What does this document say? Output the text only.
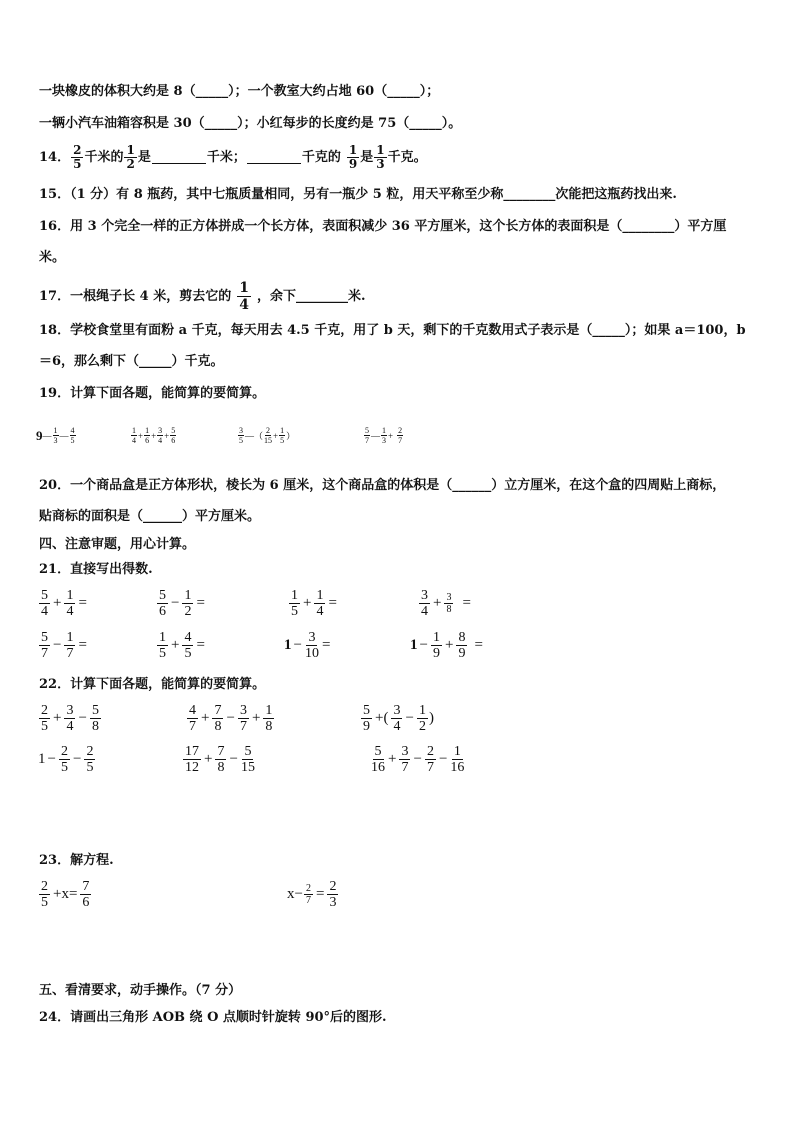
一块橡皮的体积大约是 8（_____）；一个教室大约占地 60（_____）；
一辆小汽车油箱容积是 30（_____）；小红每步的长度约是 75（_____）。
14． $\frac{2}{5}$ 千米的 $\frac{1}{2}$ 是	千米；	千克的 $\frac{1}{9}$ 是 $\frac{1}{3}$ 千克。
15．（1 分）有 8 瓶药，其中七瓶质量相同，另有一瓶少 5 粒，用天平称至少称________次能把这瓶药找出来.
16．用 3 个完全一样的正方体拼成一个长方体，表面积减少 36 平方厘米，这个长方体的表面积是（________）平方厘
米。
17．一根绳子长 4 米，剪去它的 $\frac{1}{4}$ ，余下________米.
18．学校食堂里有面粉 a 千克，每天用去 4.5 千克，用了 b 天，剩下的千克数用式子表示是（_____）；如果 a＝100，b
＝6，那么剩下（_____）千克。
19．计算下面各题，能简算的要简算。
9 — $\frac{1}{3}$ — $\frac{4}{5}$	$\frac{1}{4} + \frac{1}{6} + \frac{3}{4} + \frac{5}{6}$	$\frac{3}{5}$ —（ $\frac{2}{15} + \frac{1}{5}$ ）	$\frac{5}{7}$ — $\frac{1}{3} + \frac{2}{7}$
20．一个商品盒是正方体形状，棱长为 6 厘米，这个商品盒的体积是（______）立方厘米，在这个盒的四周贴上商标，
贴商标的面积是（______）平方厘米。
四、注意审题，用心计算。
21．直接写出得数.
$\frac{5}{4} + \frac{1}{4}$ =	$\frac{5}{6} - \frac{1}{2}$ =	$\frac{1}{5} + \frac{1}{4}$ =	$\frac{3}{4} + \frac{3}{8}$ =
$\frac{5}{7} - \frac{1}{7}$ =	$\frac{1}{5} + \frac{4}{5}$ =	$1 - \frac{3}{10}$ =	$1 - \frac{1}{9} + \frac{8}{9}$ =
22．计算下面各题，能简算的要简算。
$\frac{2}{5} + \frac{3}{4} - \frac{5}{8}$	$\frac{4}{7} + \frac{7}{8} - \frac{3}{7} + \frac{1}{8}$	$\frac{5}{9}$ +( $\frac{3}{4} - \frac{1}{2}$ )
$1 - \frac{2}{5} - \frac{2}{5}$	$\frac{17}{12} + \frac{7}{8} - \frac{5}{15}$	$\frac{5}{16} + \frac{3}{7} - \frac{2}{7} - \frac{1}{16}$
23．解方程.
$\frac{2}{5} +x= \frac{7}{6}$	$x- \frac{2}{7} = \frac{2}{3}$
五、看清要求，动手操作。（7 分）
24．请画出三角形 AOB 绕 O 点顺时针旋转 90°后的图形.
